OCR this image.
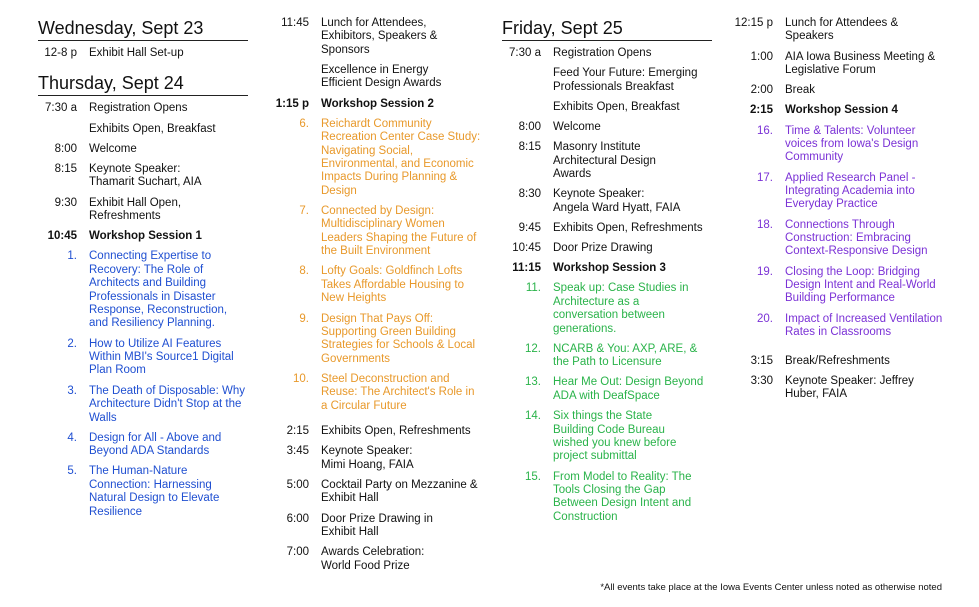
Wednesday, Sept 23
12-8 p	Exhibit Hall Set-up
Thursday, Sept 24
7:30 a	Registration Opens
Exhibits Open, Breakfast
8:00	Welcome
8:15	Keynote Speaker: Thamarit Suchart, AIA
9:30	Exhibit Hall Open, Refreshments
10:45	Workshop Session 1
1.	Connecting Expertise to Recovery: The Role of Architects and Building Professionals in Disaster Response, Reconstruction, and Resiliency Planning.
2.	How to Utilize AI Features Within MBI's Source1 Digital Plan Room
3.	The Death of Disposable: Why Architecture Didn't Stop at the Walls
4.	Design for All - Above and Beyond ADA Standards
5.	The Human-Nature Connection: Harnessing Natural Design to Elevate Resilience
11:45	Lunch for Attendees, Exhibitors, Speakers & Sponsors
Excellence in Energy Efficient Design Awards
1:15 p	Workshop Session 2
6.	Reichardt Community Recreation Center Case Study: Navigating Social, Environmental, and Economic Impacts During Planning & Design
7.	Connected by Design: Multidisciplinary Women Leaders Shaping the Future of the Built Environment
8.	Lofty Goals: Goldfinch Lofts Takes Affordable Housing to New Heights
9.	Design That Pays Off: Supporting Green Building Strategies for Schools & Local Governments
10.	Steel Deconstruction and Reuse: The Architect's Role in a Circular Future
2:15	Exhibits Open, Refreshments
3:45	Keynote Speaker: Mimi Hoang, FAIA
5:00	Cocktail Party on Mezzanine & Exhibit Hall
6:00	Door Prize Drawing in Exhibit Hall
7:00	Awards Celebration: World Food Prize
Friday, Sept 25
7:30 a	Registration Opens
Feed Your Future: Emerging Professionals Breakfast
Exhibits Open, Breakfast
8:00	Welcome
8:15	Masonry Institute Architectural Design Awards
8:30	Keynote Speaker: Angela Ward Hyatt, FAIA
9:45	Exhibits Open, Refreshments
10:45	Door Prize Drawing
11:15	Workshop Session 3
11.	Speak up: Case Studies in Architecture as a conversation between generations.
12.	NCARB & You: AXP, ARE, & the Path to Licensure
13.	Hear Me Out: Design Beyond ADA with DeafSpace
14.	Six things the State Building Code Bureau wished you knew before project submittal
15.	From Model to Reality: The Tools Closing the Gap Between Design Intent and Construction
12:15 p	Lunch for Attendees & Speakers
1:00	AIA Iowa Business Meeting & Legislative Forum
2:00	Break
2:15	Workshop Session 4
16.	Time & Talents: Volunteer voices from Iowa's Design Community
17.	Applied Research Panel - Integrating Academia into Everyday Practice
18.	Connections Through Construction: Embracing Context-Responsive Design
19.	Closing the Loop: Bridging Design Intent and Real-World Building Performance
20.	Impact of Increased Ventilation Rates in Classrooms
3:15	Break/Refreshments
3:30	Keynote Speaker: Jeffrey Huber, FAIA
*All events take place at the Iowa Events Center unless noted as otherwise noted
